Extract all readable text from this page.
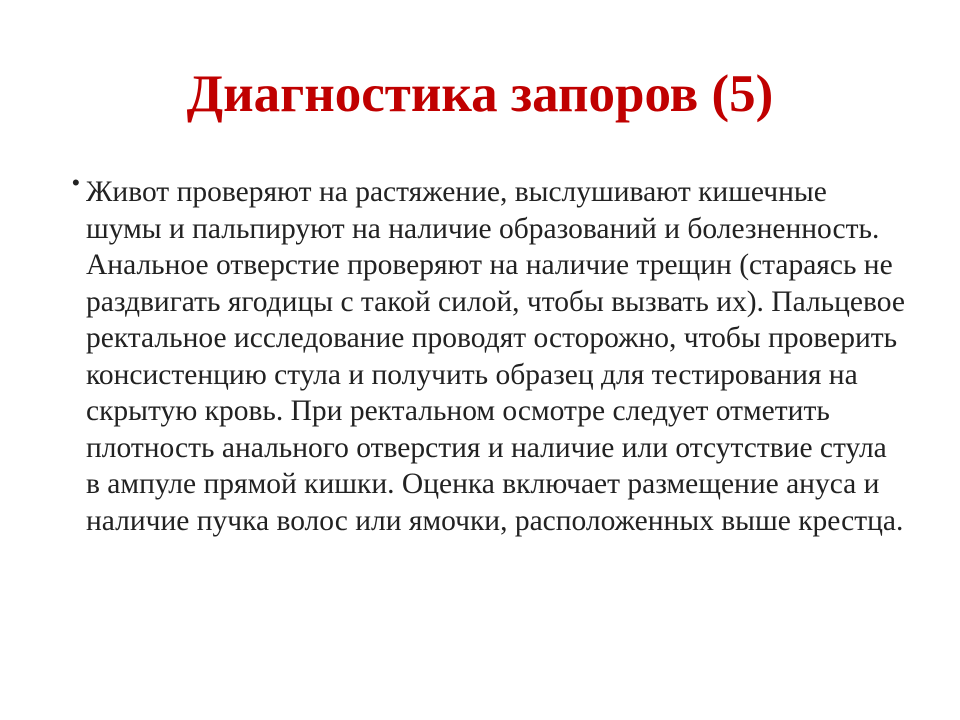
Диагностика запоров (5)
• Живот проверяют на растяжение, выслушивают кишечные шумы и пальпируют на наличие образований и болезненность. Анальное отверстие проверяют на наличие трещин (стараясь не раздвигать ягодицы с такой силой, чтобы вызвать их). Пальцевое ректальное исследование проводят осторожно, чтобы проверить консистенцию стула и получить образец для тестирования на скрытую кровь. При ректальном осмотре следует отметить плотность анального отверстия и наличие или отсутствие стула в ампуле прямой кишки. Оценка включает размещение ануса и наличие пучка волос или ямочки, расположенных выше крестца.
